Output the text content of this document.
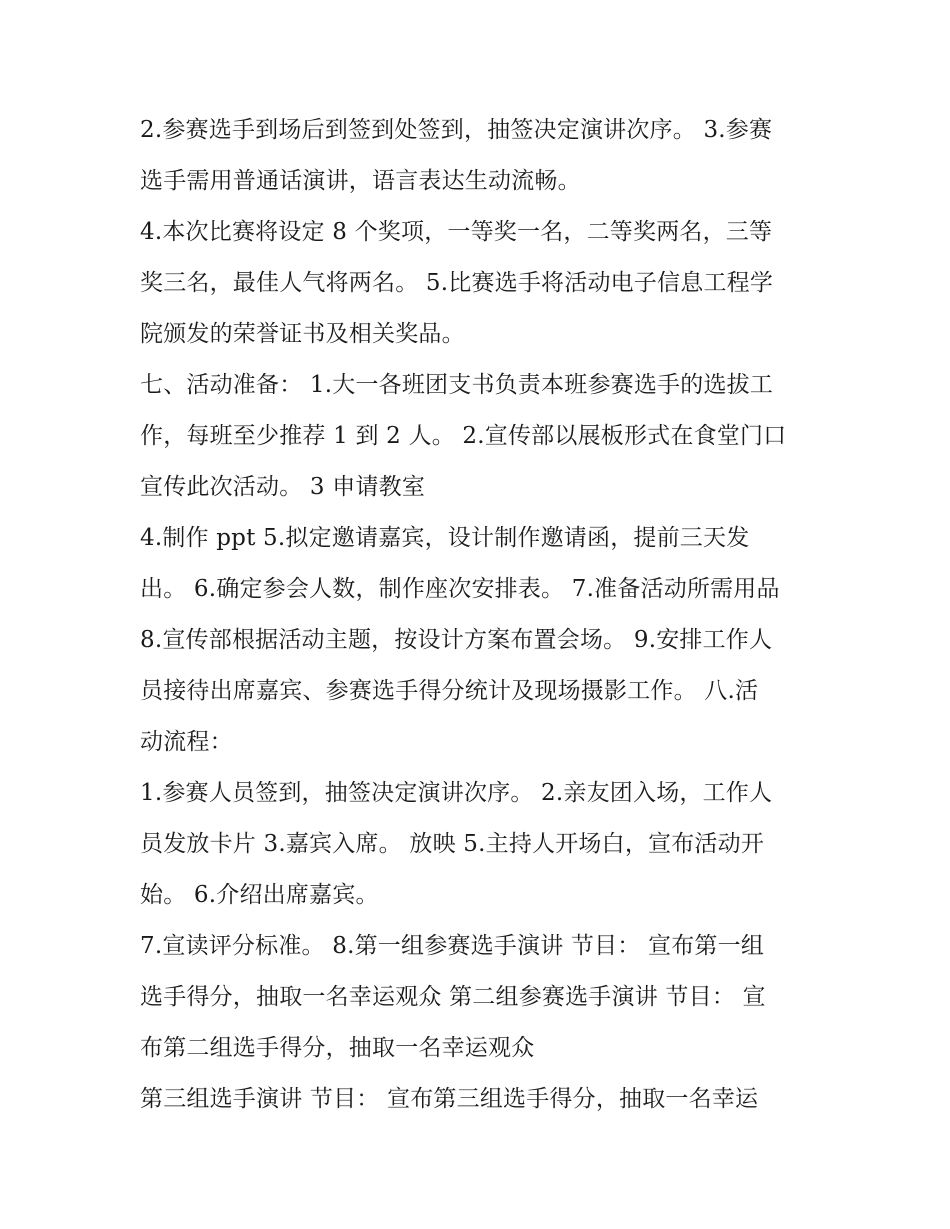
2.参赛选手到场后到签到处签到，抽签决定演讲次序。 3.参赛
选手需用普通话演讲，语言表达生动流畅。
4.本次比赛将设定 8 个奖项，一等奖一名，二等奖两名，三等
奖三名，最佳人气将两名。 5.比赛选手将活动电子信息工程学
院颁发的荣誉证书及相关奖品。
七、活动准备： 1.大一各班团支书负责本班参赛选手的选拔工
作，每班至少推荐 1 到 2 人。 2.宣传部以展板形式在食堂门口
宣传此次活动。 3 申请教室
4.制作 ppt 5.拟定邀请嘉宾，设计制作邀请函，提前三天发
出。 6.确定参会人数，制作座次安排表。 7.准备活动所需用品
8.宣传部根据活动主题，按设计方案布置会场。 9.安排工作人
员接待出席嘉宾、参赛选手得分统计及现场摄影工作。 八.活
动流程：
1.参赛人员签到，抽签决定演讲次序。 2.亲友团入场，工作人
员发放卡片 3.嘉宾入席。 放映 5.主持人开场白，宣布活动开
始。 6.介绍出席嘉宾。
7.宣读评分标准。 8.第一组参赛选手演讲 节目： 宣布第一组
选手得分，抽取一名幸运观众 第二组参赛选手演讲 节目： 宣
布第二组选手得分，抽取一名幸运观众
第三组选手演讲 节目： 宣布第三组选手得分，抽取一名幸运
